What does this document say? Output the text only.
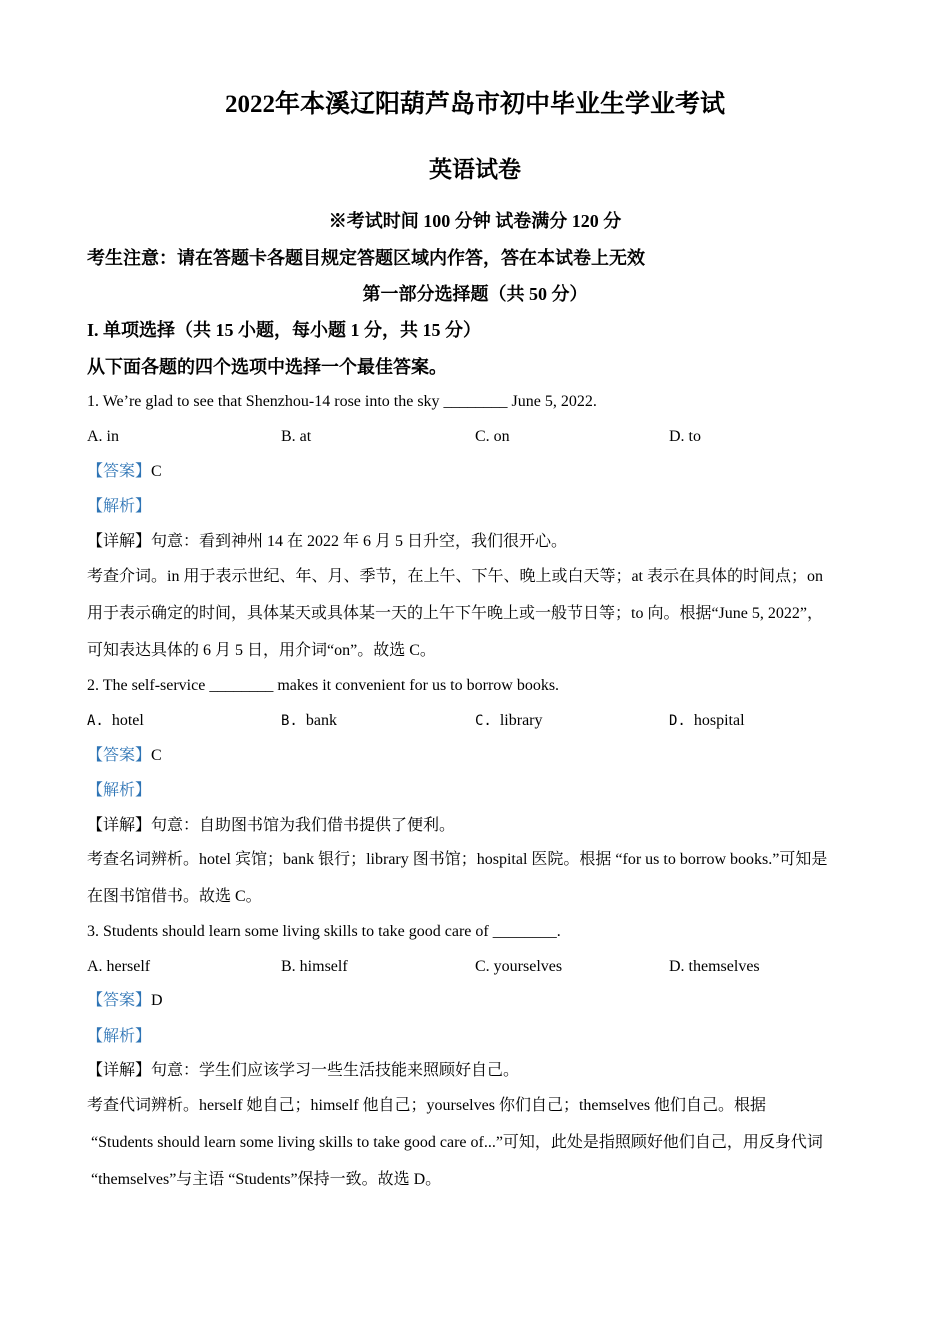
2022年本溪辽阳葫芦岛市初中毕业生学业考试
英语试卷
※考试时间 100 分钟 试卷满分 120 分
考生注意：请在答题卡各题目规定答题区域内作答，答在本试卷上无效
第一部分选择题（共 50 分）
I. 单项选择（共 15 小题，每小题 1 分，共 15 分）
从下面各题的四个选项中选择一个最佳答案。
1. We’re glad to see that Shenzhou-14 rose into the sky ________ June 5, 2022.
A. in	B. at	C. on	D. to
【答案】C
【解析】
【详解】句意：看到神州 14 在 2022 年 6 月 5 日升空，我们很开心。
考查介词。in 用于表示世纪、年、月、季节，在上午、下午、晚上或白天等；at 表示在具体的时间点；on
用于表示确定的时间，具体某天或具体某一天的上午下午晚上或一般节日等；to 向。根据“June 5, 2022”，
可知表达具体的 6 月 5 日，用介词“on”。故选 C。
2. The self-service ________ makes it convenient for us to borrow books.
A. hotel	B. bank	C. library	D. hospital
【答案】C
【解析】
【详解】句意：自助图书馆为我们借书提供了便利。
考查名词辨析。hotel 宾馆；bank 银行；library 图书馆；hospital 医院。根据 “for us to borrow books.”可知是
在图书馆借书。故选 C。
3. Students should learn some living skills to take good care of ________.
A. herself	B. himself	C. yourselves	D. themselves
【答案】D
【解析】
【详解】句意：学生们应该学习一些生活技能来照顾好自己。
考查代词辨析。herself 她自己；himself 他自己；yourselves 你们自己；themselves 他们自己。根据
“Students should learn some living skills to take good care of...”可知，此处是指照顾好他们自己，用反身代词
“themselves”与主语 “Students”保持一致。故选 D。
